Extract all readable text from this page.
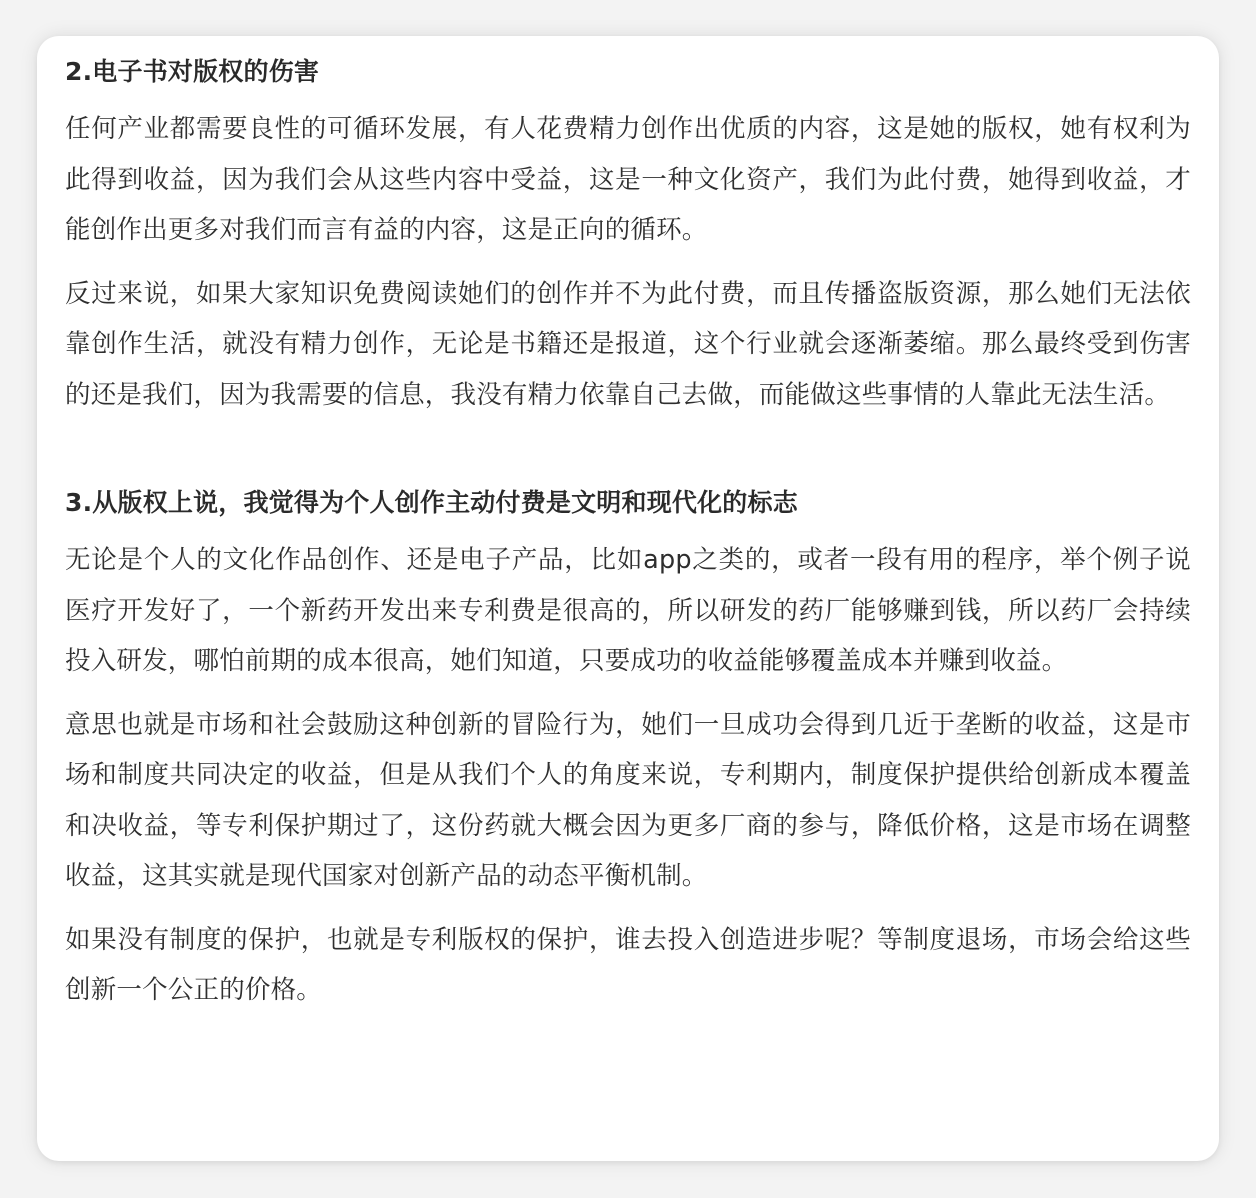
2.电子书对版权的伤害

任何产业都需要良性的可循环发展，有人花费精力创作出优质的内容，这是她的版权，她有权利为此得到收益，因为我们会从这些内容中受益，这是一种文化资产，我们为此付费，她得到收益，才能创作出更多对我们而言有益的内容，这是正向的循环。

反过来说，如果大家知识免费阅读她们的创作并不为此付费，而且传播盗版资源，那么她们无法依靠创作生活，就没有精力创作，无论是书籍还是报道，这个行业就会逐渐萎缩。那么最终受到伤害的还是我们，因为我需要的信息，我没有精力依靠自己去做，而能做这些事情的人靠此无法生活。

3.从版权上说，我觉得为个人创作主动付费是文明和现代化的标志

无论是个人的文化作品创作、还是电子产品，比如app之类的，或者一段有用的程序，举个例子说医疗开发好了，一个新药开发出来专利费是很高的，所以研发的药厂能够赚到钱，所以药厂会持续投入研发，哪怕前期的成本很高，她们知道，只要成功的收益能够覆盖成本并赚到收益。

意思也就是市场和社会鼓励这种创新的冒险行为，她们一旦成功会得到几近于垄断的收益，这是市场和制度共同决定的收益，但是从我们个人的角度来说，专利期内，制度保护提供给创新成本覆盖和决收益，等专利保护期过了，这份药就大概会因为更多厂商的参与，降低价格，这是市场在调整收益，这其实就是现代国家对创新产品的动态平衡机制。

如果没有制度的保护，也就是专利版权的保护，谁去投入创造进步呢？等制度退场，市场会给这些创新一个公正的价格。
